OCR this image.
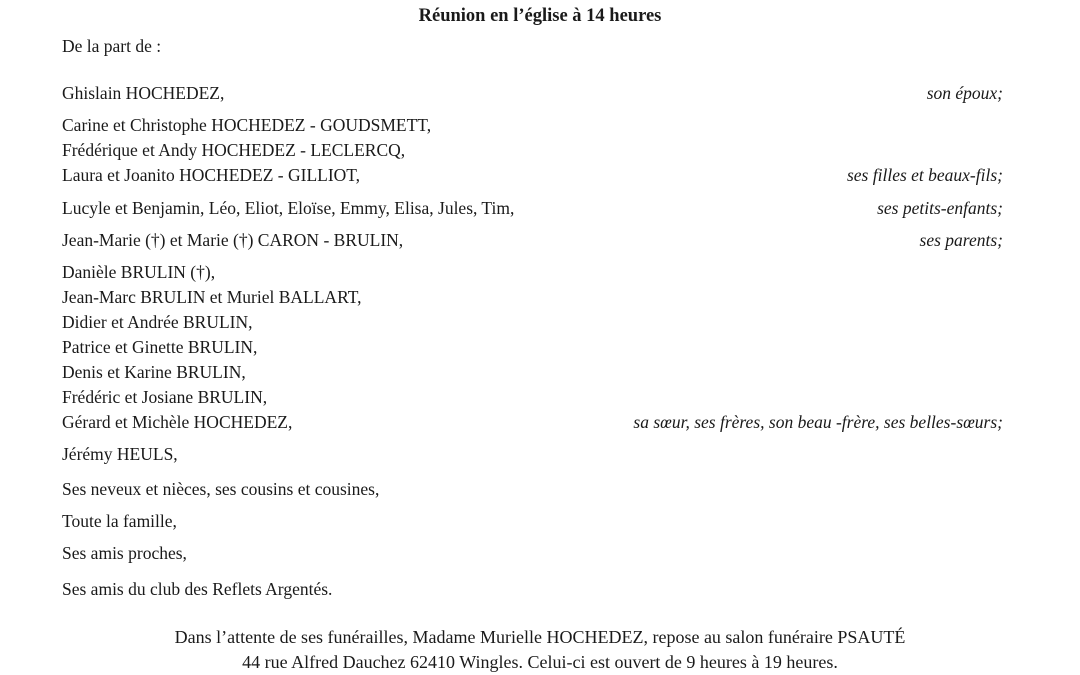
Réunion en l’église à 14 heures
De la part de :
Ghislain HOCHEDEZ,	son époux;
Carine et Christophe HOCHEDEZ - GOUDSMETT,
Frédérique et Andy HOCHEDEZ - LECLERCQ,
Laura et Joanito HOCHEDEZ - GILLIOT,	ses filles et beaux-fils;
Lucyle et Benjamin, Léo, Eliot, Eloïse, Emmy, Elisa, Jules, Tim,	ses petits-enfants;
Jean-Marie (†) et Marie (†) CARON - BRULIN,	ses parents;
Danièle BRULIN (†),
Jean-Marc BRULIN et Muriel BALLART,
Didier et Andrée BRULIN,
Patrice et Ginette BRULIN,
Denis et Karine BRULIN,
Frédéric et Josiane BRULIN,
Gérard et Michèle HOCHEDEZ,	sa sœur, ses frères, son beau -frère, ses belles-sœurs;
Jérémy HEULS,
Ses neveux et nièces, ses cousins et cousines,
Toute la famille,
Ses amis proches,
Ses amis du club des Reflets Argentés.
Dans l’attente de ses funérailles, Madame Murielle HOCHEDEZ, repose au salon funéraire PSAUTÉ
44 rue Alfred Dauchez 62410 Wingles. Celui-ci est ouvert de 9 heures à 19 heures.
